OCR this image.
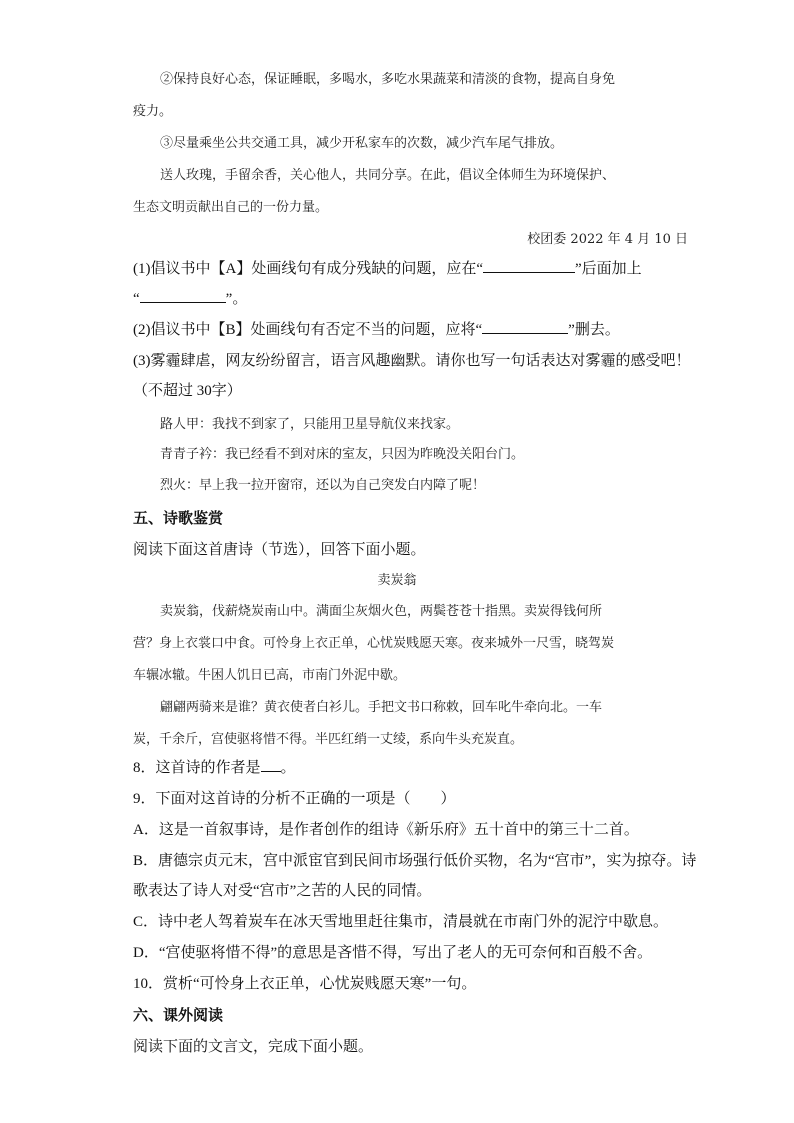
②保持良好心态，保证睡眠，多喝水，多吃水果蔬菜和清淡的食物，提高自身免

疫力。

③尽量乘坐公共交通工具，减少开私家车的次数，减少汽车尾气排放。

送人玫瑰，手留余香，关心他人，共同分享。在此，倡议全体师生为环境保护、

生态文明贡献出自己的一份力量。

校团委 2022 年 4 月 10 日

(1)倡议书中【A】处画线句有成分残缺的问题，应在“	”后面加上

“	”。

(2)倡议书中【B】处画线句有否定不当的问题，应将“	”删去。

(3)雾霾肆虐，网友纷纷留言，语言风趣幽默。请你也写一句话表达对雾霾的感受吧！

（不超过 30字）

路人甲：我找不到家了，只能用卫星导航仪来找家。

青青子衿：我已经看不到对床的室友，只因为昨晚没关阳台门。

烈火：早上我一拉开窗帘，还以为自己突发白内障了呢！

五、诗歌鉴赏

阅读下面这首唐诗（节选），回答下面小题。

卖炭翁

卖炭翁，伐薪烧炭南山中。满面尘灰烟火色，两鬓苍苍十指黑。卖炭得钱何所

营？身上衣裳口中食。可怜身上衣正单，心忧炭贱愿天寒。夜来城外一尺雪，晓驾炭

车辗冰辙。牛困人饥日已高，市南门外泥中歇。

翩翩两骑来是谁？黄衣使者白衫儿。手把文书口称敕，回车叱牛牵向北。一车

炭，千余斤，宫使驱将惜不得。半匹红绡一丈绫，系向牛头充炭直。

8．这首诗的作者是 。

9．下面对这首诗的分析不正确的一项是（　　）

A．这是一首叙事诗，是作者创作的组诗《新乐府》五十首中的第三十二首。

B．唐德宗贞元末，宫中派宦官到民间市场强行低价买物，名为“宫市”，实为掠夺。诗

歌表达了诗人对受“宫市”之苦的人民的同情。

C．诗中老人驾着炭车在冰天雪地里赶往集市，清晨就在市南门外的泥泞中歇息。

D．“宫使驱将惜不得”的意思是吝惜不得，写出了老人的无可奈何和百般不舍。

10．赏析“可怜身上衣正单，心忧炭贱愿天寒”一句。

六、课外阅读

阅读下面的文言文，完成下面小题。
